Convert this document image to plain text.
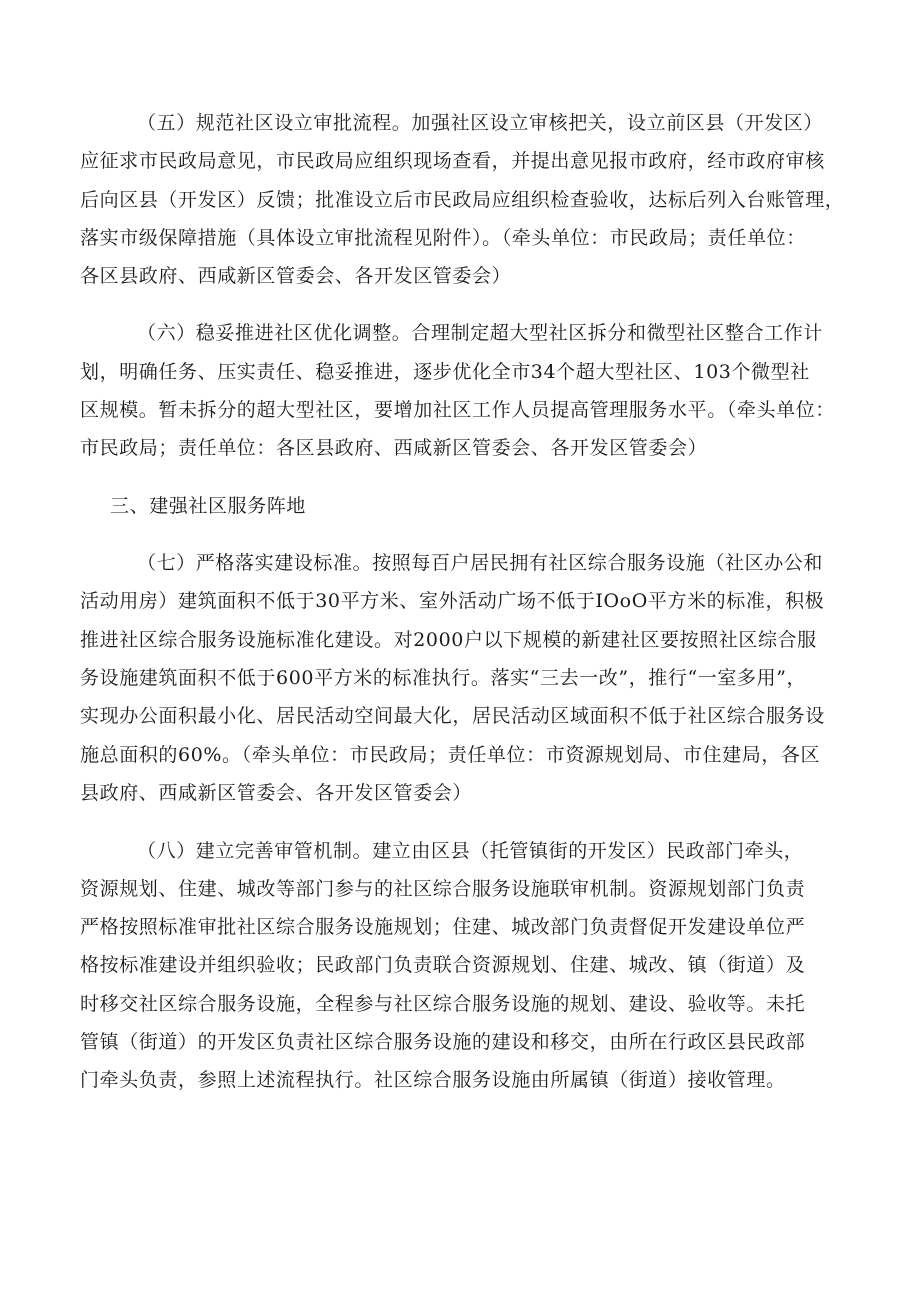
（五）规范社区设立审批流程。加强社区设立审核把关，设立前区县（开发区）
应征求市民政局意见，市民政局应组织现场查看，并提出意见报市政府，经市政府审核
后向区县（开发区）反馈；批准设立后市民政局应组织检查验收，达标后列入台账管理，
落实市级保障措施（具体设立审批流程见附件）。（牵头单位：市民政局；责任单位：
各区县政府、西咸新区管委会、各开发区管委会）
（六）稳妥推进社区优化调整。合理制定超大型社区拆分和微型社区整合工作计
划，明确任务、压实责任、稳妥推进，逐步优化全市34个超大型社区、103个微型社
区规模。暂未拆分的超大型社区，要增加社区工作人员提高管理服务水平。（牵头单位：
市民政局；责任单位：各区县政府、西咸新区管委会、各开发区管委会）
三、建强社区服务阵地
（七）严格落实建设标准。按照每百户居民拥有社区综合服务设施（社区办公和
活动用房）建筑面积不低于30平方米、室外活动广场不低于IOoO平方米的标准，积极
推进社区综合服务设施标准化建设。对2000户以下规模的新建社区要按照社区综合服
务设施建筑面积不低于600平方米的标准执行。落实“三去一改”，推行“一室多用”，
实现办公面积最小化、居民活动空间最大化，居民活动区域面积不低于社区综合服务设
施总面积的60%。（牵头单位：市民政局；责任单位：市资源规划局、市住建局，各区
县政府、西咸新区管委会、各开发区管委会）
（八）建立完善审管机制。建立由区县（托管镇街的开发区）民政部门牵头，
资源规划、住建、城改等部门参与的社区综合服务设施联审机制。资源规划部门负责
严格按照标准审批社区综合服务设施规划；住建、城改部门负责督促开发建设单位严
格按标准建设并组织验收；民政部门负责联合资源规划、住建、城改、镇（街道）及
时移交社区综合服务设施，全程参与社区综合服务设施的规划、建设、验收等。未托
管镇（街道）的开发区负责社区综合服务设施的建设和移交，由所在行政区县民政部
门牵头负责，参照上述流程执行。社区综合服务设施由所属镇（街道）接收管理。
